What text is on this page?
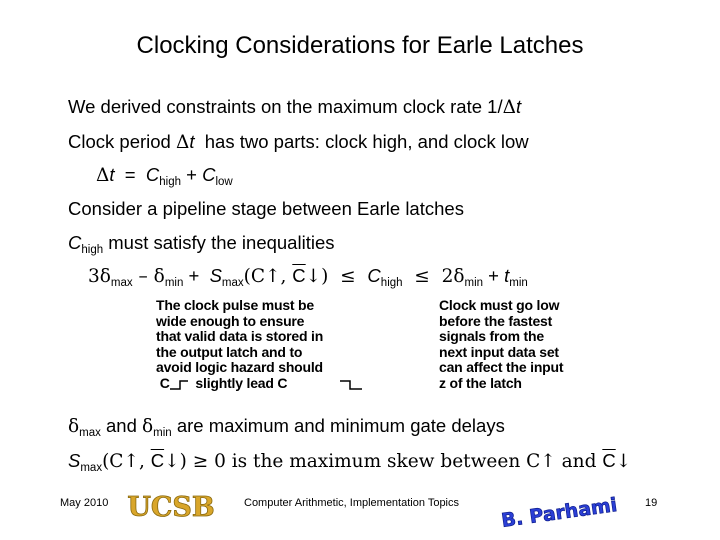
Clocking Considerations for Earle Latches
We derived constraints on the maximum clock rate 1/Δt
Clock period Δt  has two parts: clock high, and clock low
$\Delta t = C_{high} + C_{low}$
Consider a pipeline stage between Earle latches
$C_{high}$ must satisfy the inequalities
$3\delta_{max} - \delta_{min}$ +  $S_{max}(C↑$, $\overline{C}↓) \le C_{high} \le 2\delta_{min} + t_{min}$
The clock pulse must be
wide enough to ensure
that valid data is stored in
the output latch and to
avoid logic hazard should
C       slightly lead C
Clock must go low
before the fastest
signals from the
next input data set
can affect the input
z of the latch
$\delta_{max}$ and $\delta_{min}$ are maximum and minimum gate delays
$S_{max}(C↑$, $\overline{C}↓) \ge 0$ is the maximum skew between C↑ and $\overline{C}↓$
May 2010 UCSB	Computer Arithmetic, Implementation Topics B. Parhami 19
